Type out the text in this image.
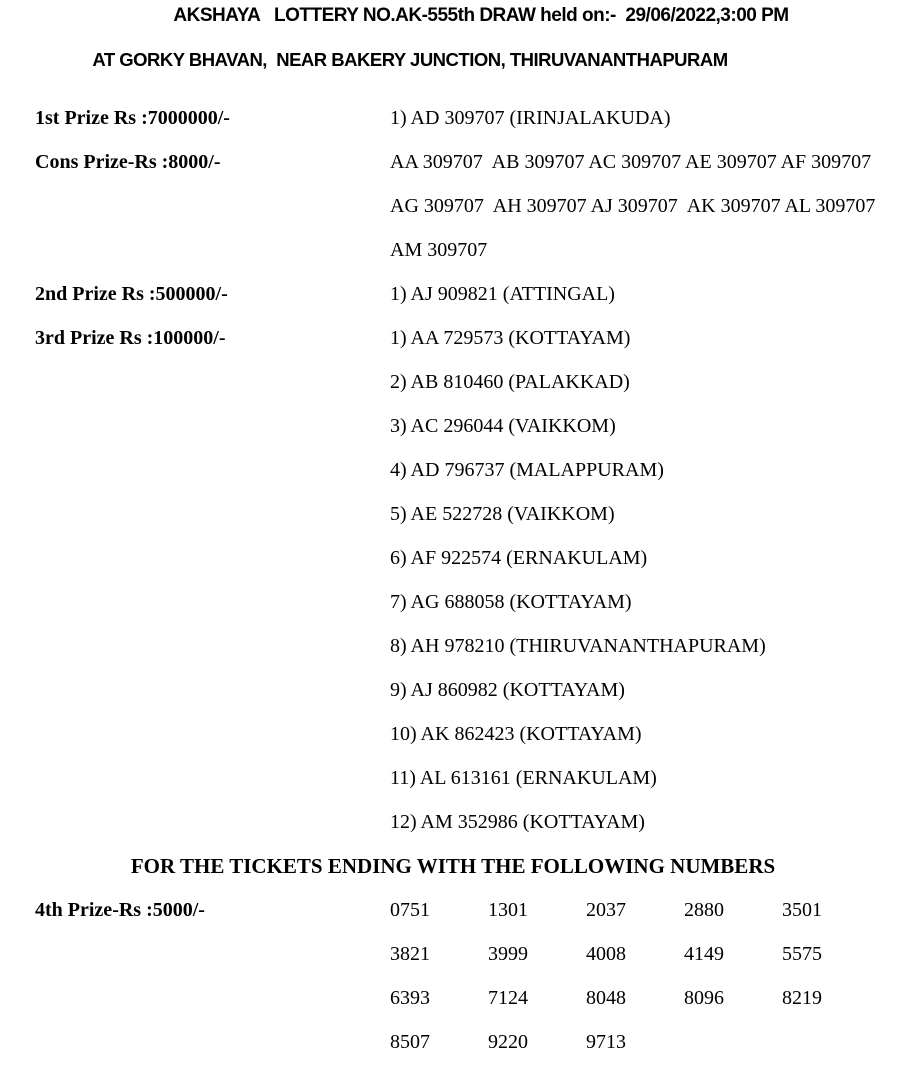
AKSHAYA   LOTTERY NO.AK-555th DRAW held on:-  29/06/2022,3:00 PM
AT GORKY BHAVAN,  NEAR BAKERY JUNCTION, THIRUVANANTHAPURAM
1st Prize Rs :7000000/-	1) AD 309707 (IRINJALAKUDA)
Cons Prize-Rs :8000/-	AA 309707  AB 309707 AC 309707 AE 309707 AF 309707
AG 309707  AH 309707 AJ 309707  AK 309707 AL 309707
AM 309707
2nd Prize Rs :500000/-	1) AJ 909821 (ATTINGAL)
3rd Prize Rs :100000/-	1) AA 729573 (KOTTAYAM)
2) AB 810460 (PALAKKAD)
3) AC 296044 (VAIKKOM)
4) AD 796737 (MALAPPURAM)
5) AE 522728 (VAIKKOM)
6) AF 922574 (ERNAKULAM)
7) AG 688058 (KOTTAYAM)
8) AH 978210 (THIRUVANANTHAPURAM)
9) AJ 860982 (KOTTAYAM)
10) AK 862423 (KOTTAYAM)
11) AL 613161 (ERNAKULAM)
12) AM 352986 (KOTTAYAM)
FOR THE TICKETS ENDING WITH THE FOLLOWING NUMBERS
4th Prize-Rs :5000/-	0751	1301	2037	2880	3501
3821	3999	4008	4149	5575
6393	7124	8048	8096	8219
8507	9220	9713
